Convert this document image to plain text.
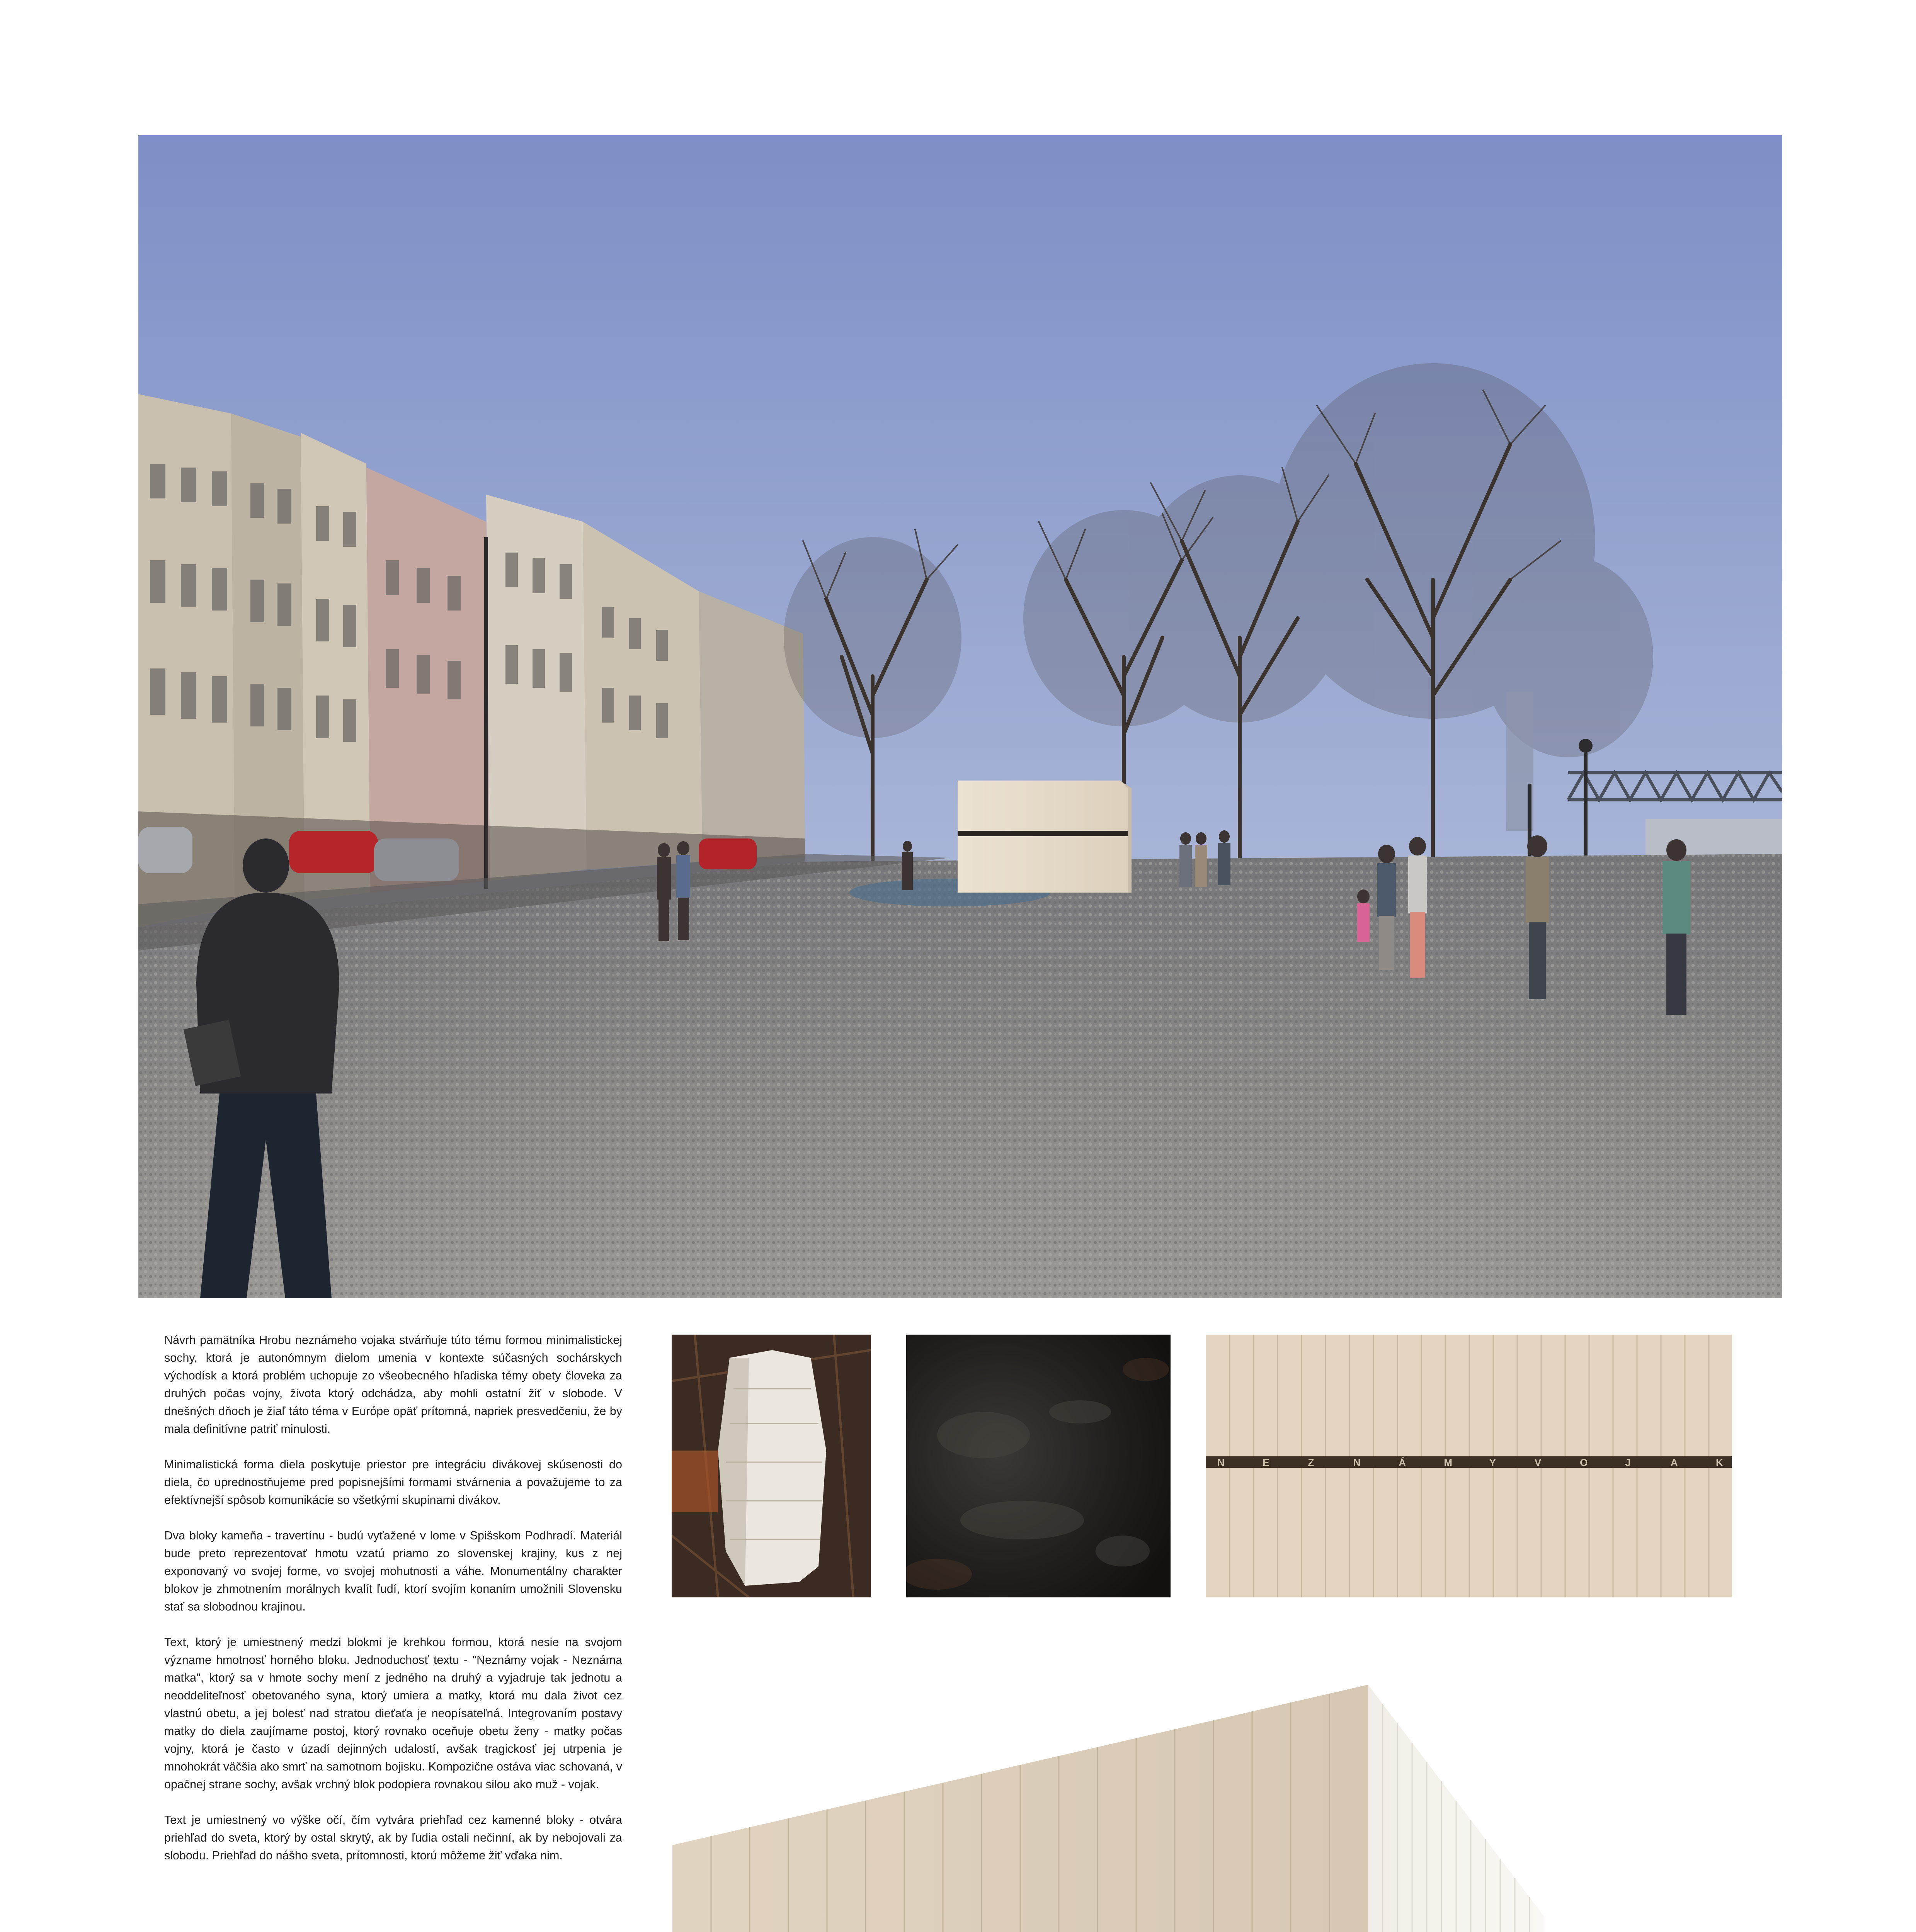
Návrh pamätníka Hrobu neznámeho vojaka stvárňuje túto tému formou minimalistickej sochy, ktorá je autonómnym dielom umenia v kontexte súčasných sochárskych východísk a ktorá problém uchopuje zo všeobecného hľadiska témy obety človeka za druhých počas vojny, života ktorý odchádza, aby mohli ostatní žiť v slobode. V dnešných dňoch je žiaľ táto téma v Európe opäť prítomná, napriek presvedčeniu, že by mala definitívne patriť minulosti.

Minimalistická forma diela poskytuje priestor pre integráciu divákovej skúsenosti do diela, čo uprednostňujeme pred popisnejšími formami stvárnenia a považujeme to za efektívnejší spôsob komunikácie so všetkými skupinami divákov.

Dva bloky kameňa - travertínu - budú vyťažené v lome v Spišskom Podhradí. Materiál bude preto reprezentovať hmotu vzatú priamo zo slovenskej krajiny, kus z nej exponovaný vo svojej forme, vo svojej mohutnosti a váhe. Monumentálny charakter blokov je zhmotnením morálnych kvalít ľudí, ktorí svojím konaním umožnili Slovensku stať sa slobodnou krajinou.

Text, ktorý je umiestnený medzi blokmi je krehkou formou, ktorá nesie na svojom význame hmotnosť horného bloku. Jednoduchosť textu - "Neznámy vojak - Neznáma matka", ktorý sa v hmote sochy mení z jedného na druhý a vyjadruje tak jednotu a neoddeliteľnosť obetovaného syna, ktorý umiera a matky, ktorá mu dala život cez vlastnú obetu, a jej bolesť nad stratou dieťaťa je neopísateľná. Integrovaním postavy matky do diela zaujímame postoj, ktorý rovnako oceňuje obetu ženy - matky počas vojny, ktorá je často v úzadí dejinných udalostí, avšak tragickosť jej utrpenia je mnohokrát väčšia ako smrť na samotnom bojisku. Kompozične ostáva viac schovaná, v opačnej strane sochy, avšak vrchný blok podopiera rovnakou silou ako muž - vojak.

Text je umiestnený vo výške očí, čím vytvára priehľad cez kamenné bloky - otvára priehľad do sveta, ktorý by ostal skrytý, ak by ľudia ostali nečinní, ak by nebojovali za slobodu. Priehľad do nášho sveta, prítomnosti, ktorú môžeme žiť vďaka nim.

N	E	Z	N	Á	M	Y	V	O	J	A	K
